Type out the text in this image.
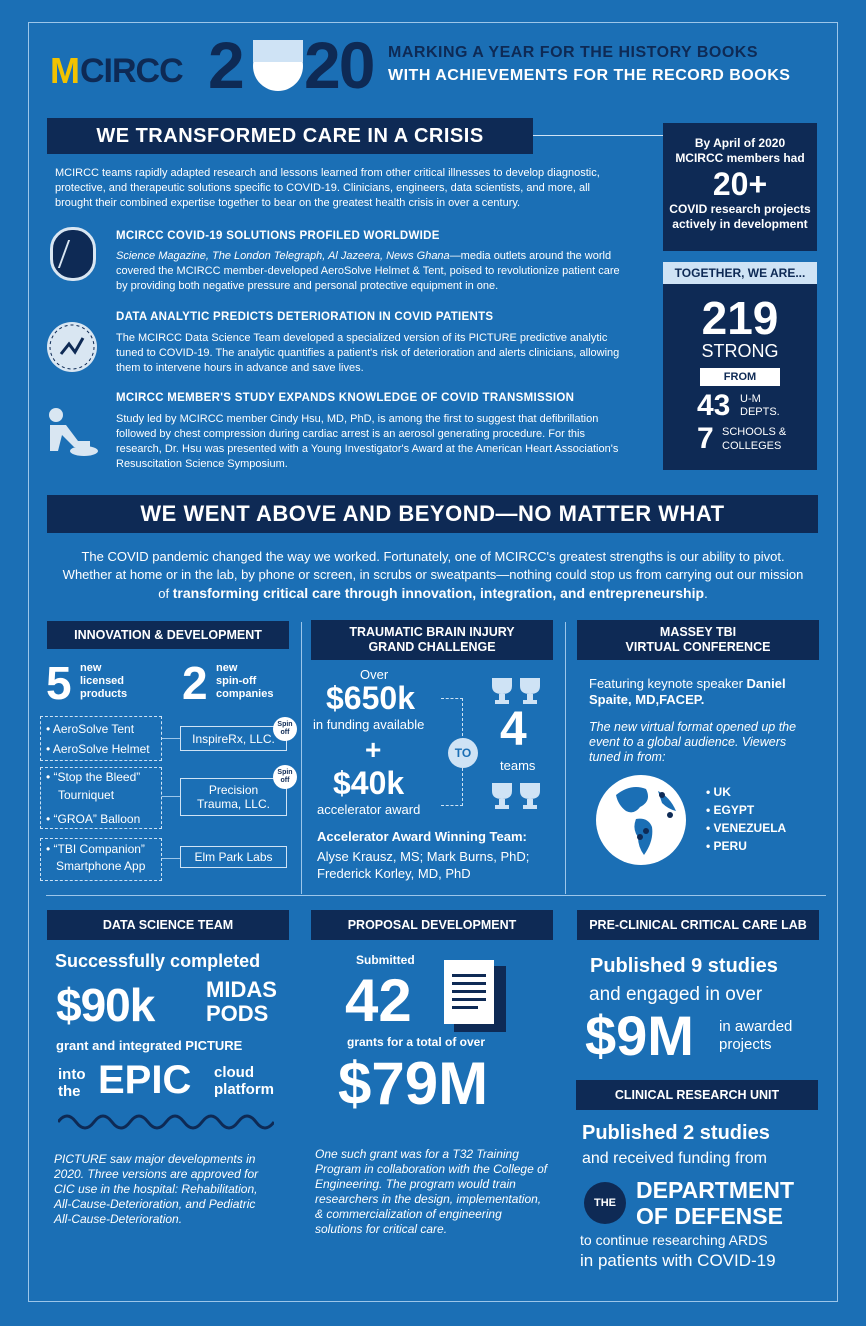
M CIRCC 2 20 MARKING A YEAR FOR THE HISTORY BOOKS
WITH ACHIEVEMENTS FOR THE RECORD BOOKS
WE TRANSFORMED CARE IN A CRISIS
MCIRCC teams rapidly adapted research and lessons learned from other critical illnesses to develop diagnostic, protective, and therapeutic solutions specific to COVID-19. Clinicians, engineers, data scientists, and more, all brought their combined expertise together to bear on the greatest health crisis in over a century.
MCIRCC COVID-19 SOLUTIONS PROFILED WORLDWIDE
Science Magazine, The London Telegraph, Al Jazeera, News Ghana—media outlets around the world covered the MCIRCC member-developed AeroSolve Helmet & Tent, poised to revolutionize patient care by providing both negative pressure and personal protective equipment in one.
DATA ANALYTIC PREDICTS DETERIORATION IN COVID PATIENTS
The MCIRCC Data Science Team developed a specialized version of its PICTURE predictive analytic tuned to COVID-19. The analytic quantifies a patient's risk of deterioration and alerts clinicians, allowing them to intervene hours in advance and save lives.
MCIRCC MEMBER'S STUDY EXPANDS KNOWLEDGE OF COVID TRANSMISSION
Study led by MCIRCC member Cindy Hsu, MD, PhD, is among the first to suggest that defibrillation followed by chest compression during cardiac arrest is an aerosol generating procedure. For this research, Dr. Hsu was presented with a Young Investigator's Award at the American Heart Association's Resuscitation Science Symposium.
By April of 2020
MCIRCC members had
20+
COVID research projects actively in development
TOGETHER, WE ARE...
219
STRONG
FROM
43 U-M
DEPTS.
7 SCHOOLS &
COLLEGES
WE WENT ABOVE AND BEYOND—NO MATTER WHAT
The COVID pandemic changed the way we worked. Fortunately, one of MCIRCC's greatest strengths is our ability to pivot. Whether at home or in the lab, by phone or screen, in scrubs or sweatpants—nothing could stop us from carrying out our mission of transforming critical care through innovation, integration, and entrepreneurship.
INNOVATION & DEVELOPMENT
5 new
licensed
products 2 new
spin-off
companies
• AeroSolve Tent
• AeroSolve Helmet
• “Stop the Bleed”
Tourniquet
• “GROA” Balloon
• “TBI Companion”
Smartphone App
InspireRx, LLC.
Precision
Trauma, LLC.
Elm Park Labs
Spin
off
Spin
off
TRAUMATIC BRAIN INJURY
GRAND CHALLENGE
Over
$650k
in funding available
+
$40k
accelerator award
TO 4
teams
Accelerator Award Winning Team:
Alyse Krausz, MS; Mark Burns, PhD; Frederick Korley, MD, PhD
MASSEY TBI
VIRTUAL CONFERENCE
Featuring keynote speaker Daniel Spaite, MD,FACEP.
The new virtual format opened up the event to a global audience. Viewers tuned in from:
• UK
• EGYPT
• VENEZUELA
• PERU
DATA SCIENCE TEAM
Successfully completed
$90k MIDAS
PODS
grant and integrated PICTURE
into
the EPIC cloud
platform
PICTURE saw major developments in 2020. Three versions are approved for CIC use in the hospital: Rehabilitation, All-Cause-Deterioration, and Pediatric All-Cause-Deterioration.
PROPOSAL DEVELOPMENT
Submitted
42
grants for a total of over
$79M
One such grant was for a T32 Training Program in collaboration with the College of Engineering. The program would train researchers in the design, implementation, & commercialization of engineering solutions for critical care.
PRE-CLINICAL CRITICAL CARE LAB
Published 9 studies
and engaged in over
$9M in awarded
projects
CLINICAL RESEARCH UNIT
Published 2 studies
and received funding from
THE DEPARTMENT
OF DEFENSE
to continue researching ARDS
in patients with COVID-19
